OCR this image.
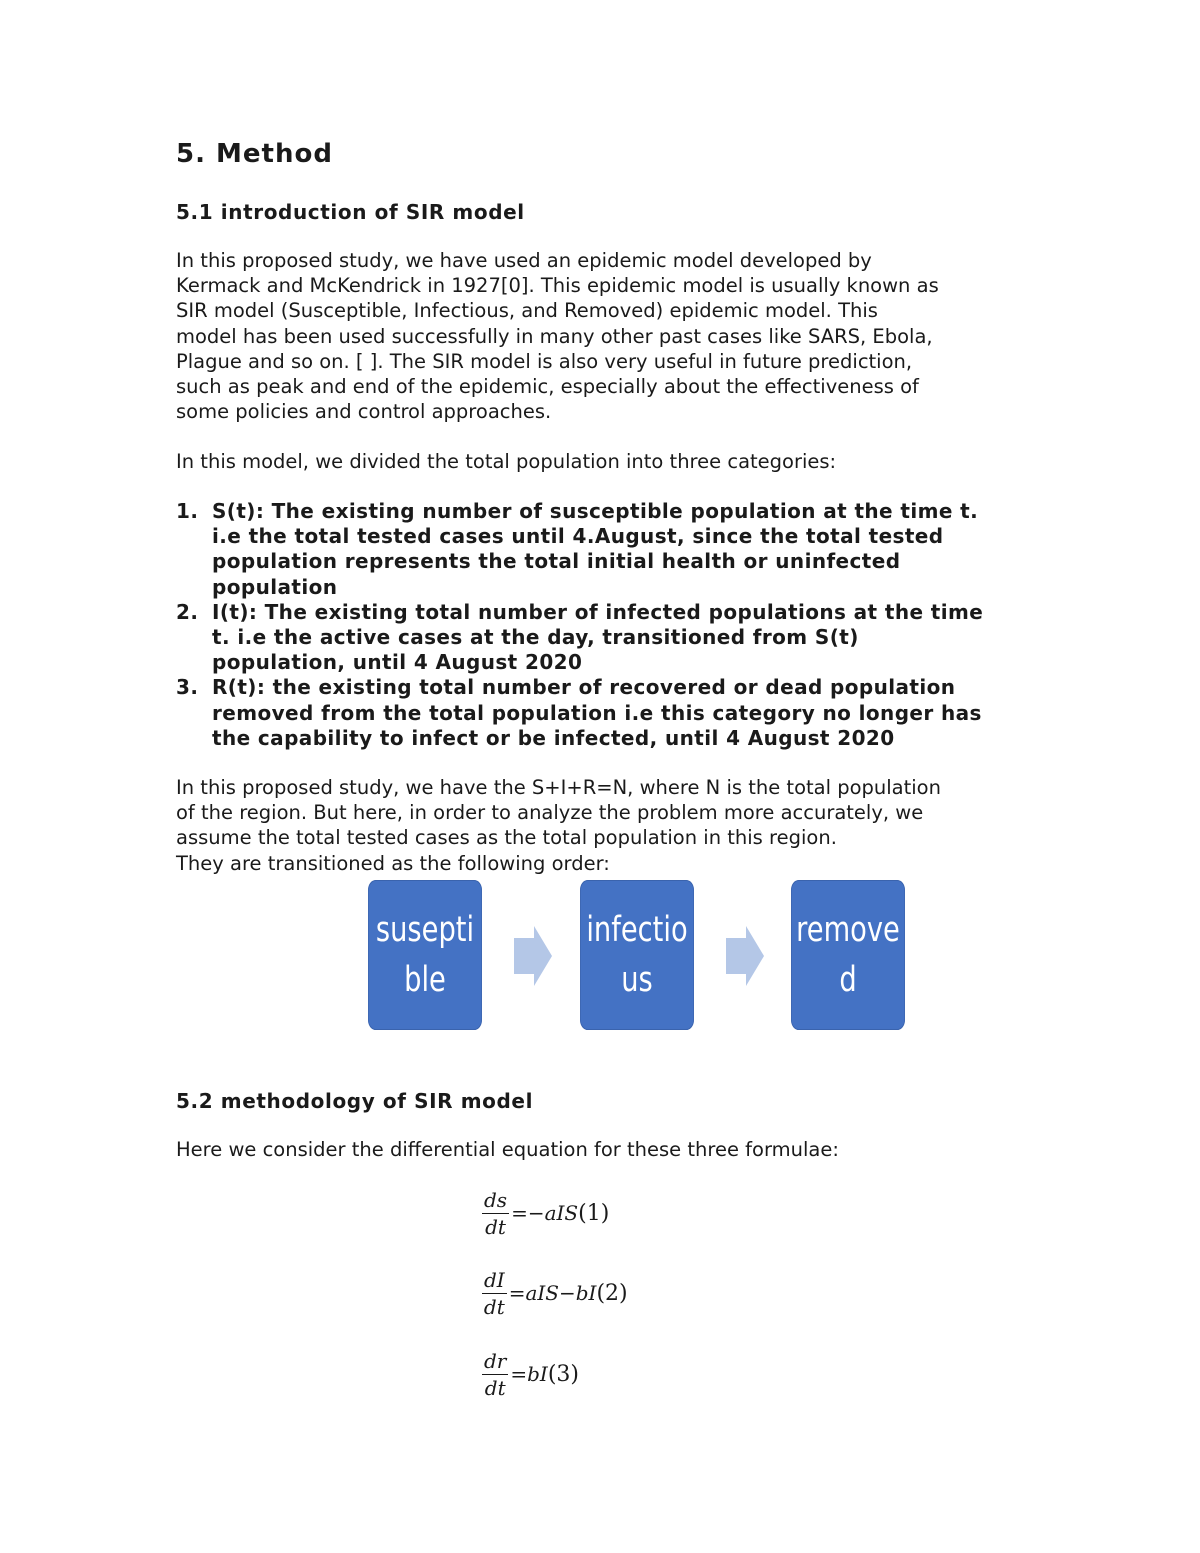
5. Method
5.1 introduction of SIR model

In this proposed study, we have used an epidemic model developed by
Kermack and McKendrick in 1927[0]. This epidemic model is usually known as
SIR model (Susceptible, Infectious, and Removed) epidemic model. This
model has been used successfully in many other past cases like SARS, Ebola,
Plague and so on. [ ]. The SIR model is also very useful in future prediction,
such as peak and end of the epidemic, especially about the effectiveness of
some policies and control approaches.

In this model, we divided the total population into three categories:

1. S(t): The existing number of susceptible population at the time t.
i.e the total tested cases until 4.August, since the total tested
population represents the total initial health or uninfected
population
2. I(t): The existing total number of infected populations at the time
t. i.e the active cases at the day, transitioned from S(t)
population, until 4 August 2020
3. R(t): the existing total number of recovered or dead population
removed from the total population i.e this category no longer has
the capability to infect or be infected, until 4 August 2020

In this proposed study, we have the S+I+R=N, where N is the total population
of the region. But here, in order to analyze the problem more accurately, we
assume the total tested cases as the total population in this region.
They are transitioned as the following order:

5.2 methodology of SIR model

Here we consider the differential equation for these three formulae:

$\frac{ds}{dt} =-aIS(1)$
$\frac{dI}{dt} =aIS-bI(2)$
$\frac{dr}{dt} =bI(3)$
suseptible
infectious
removed
